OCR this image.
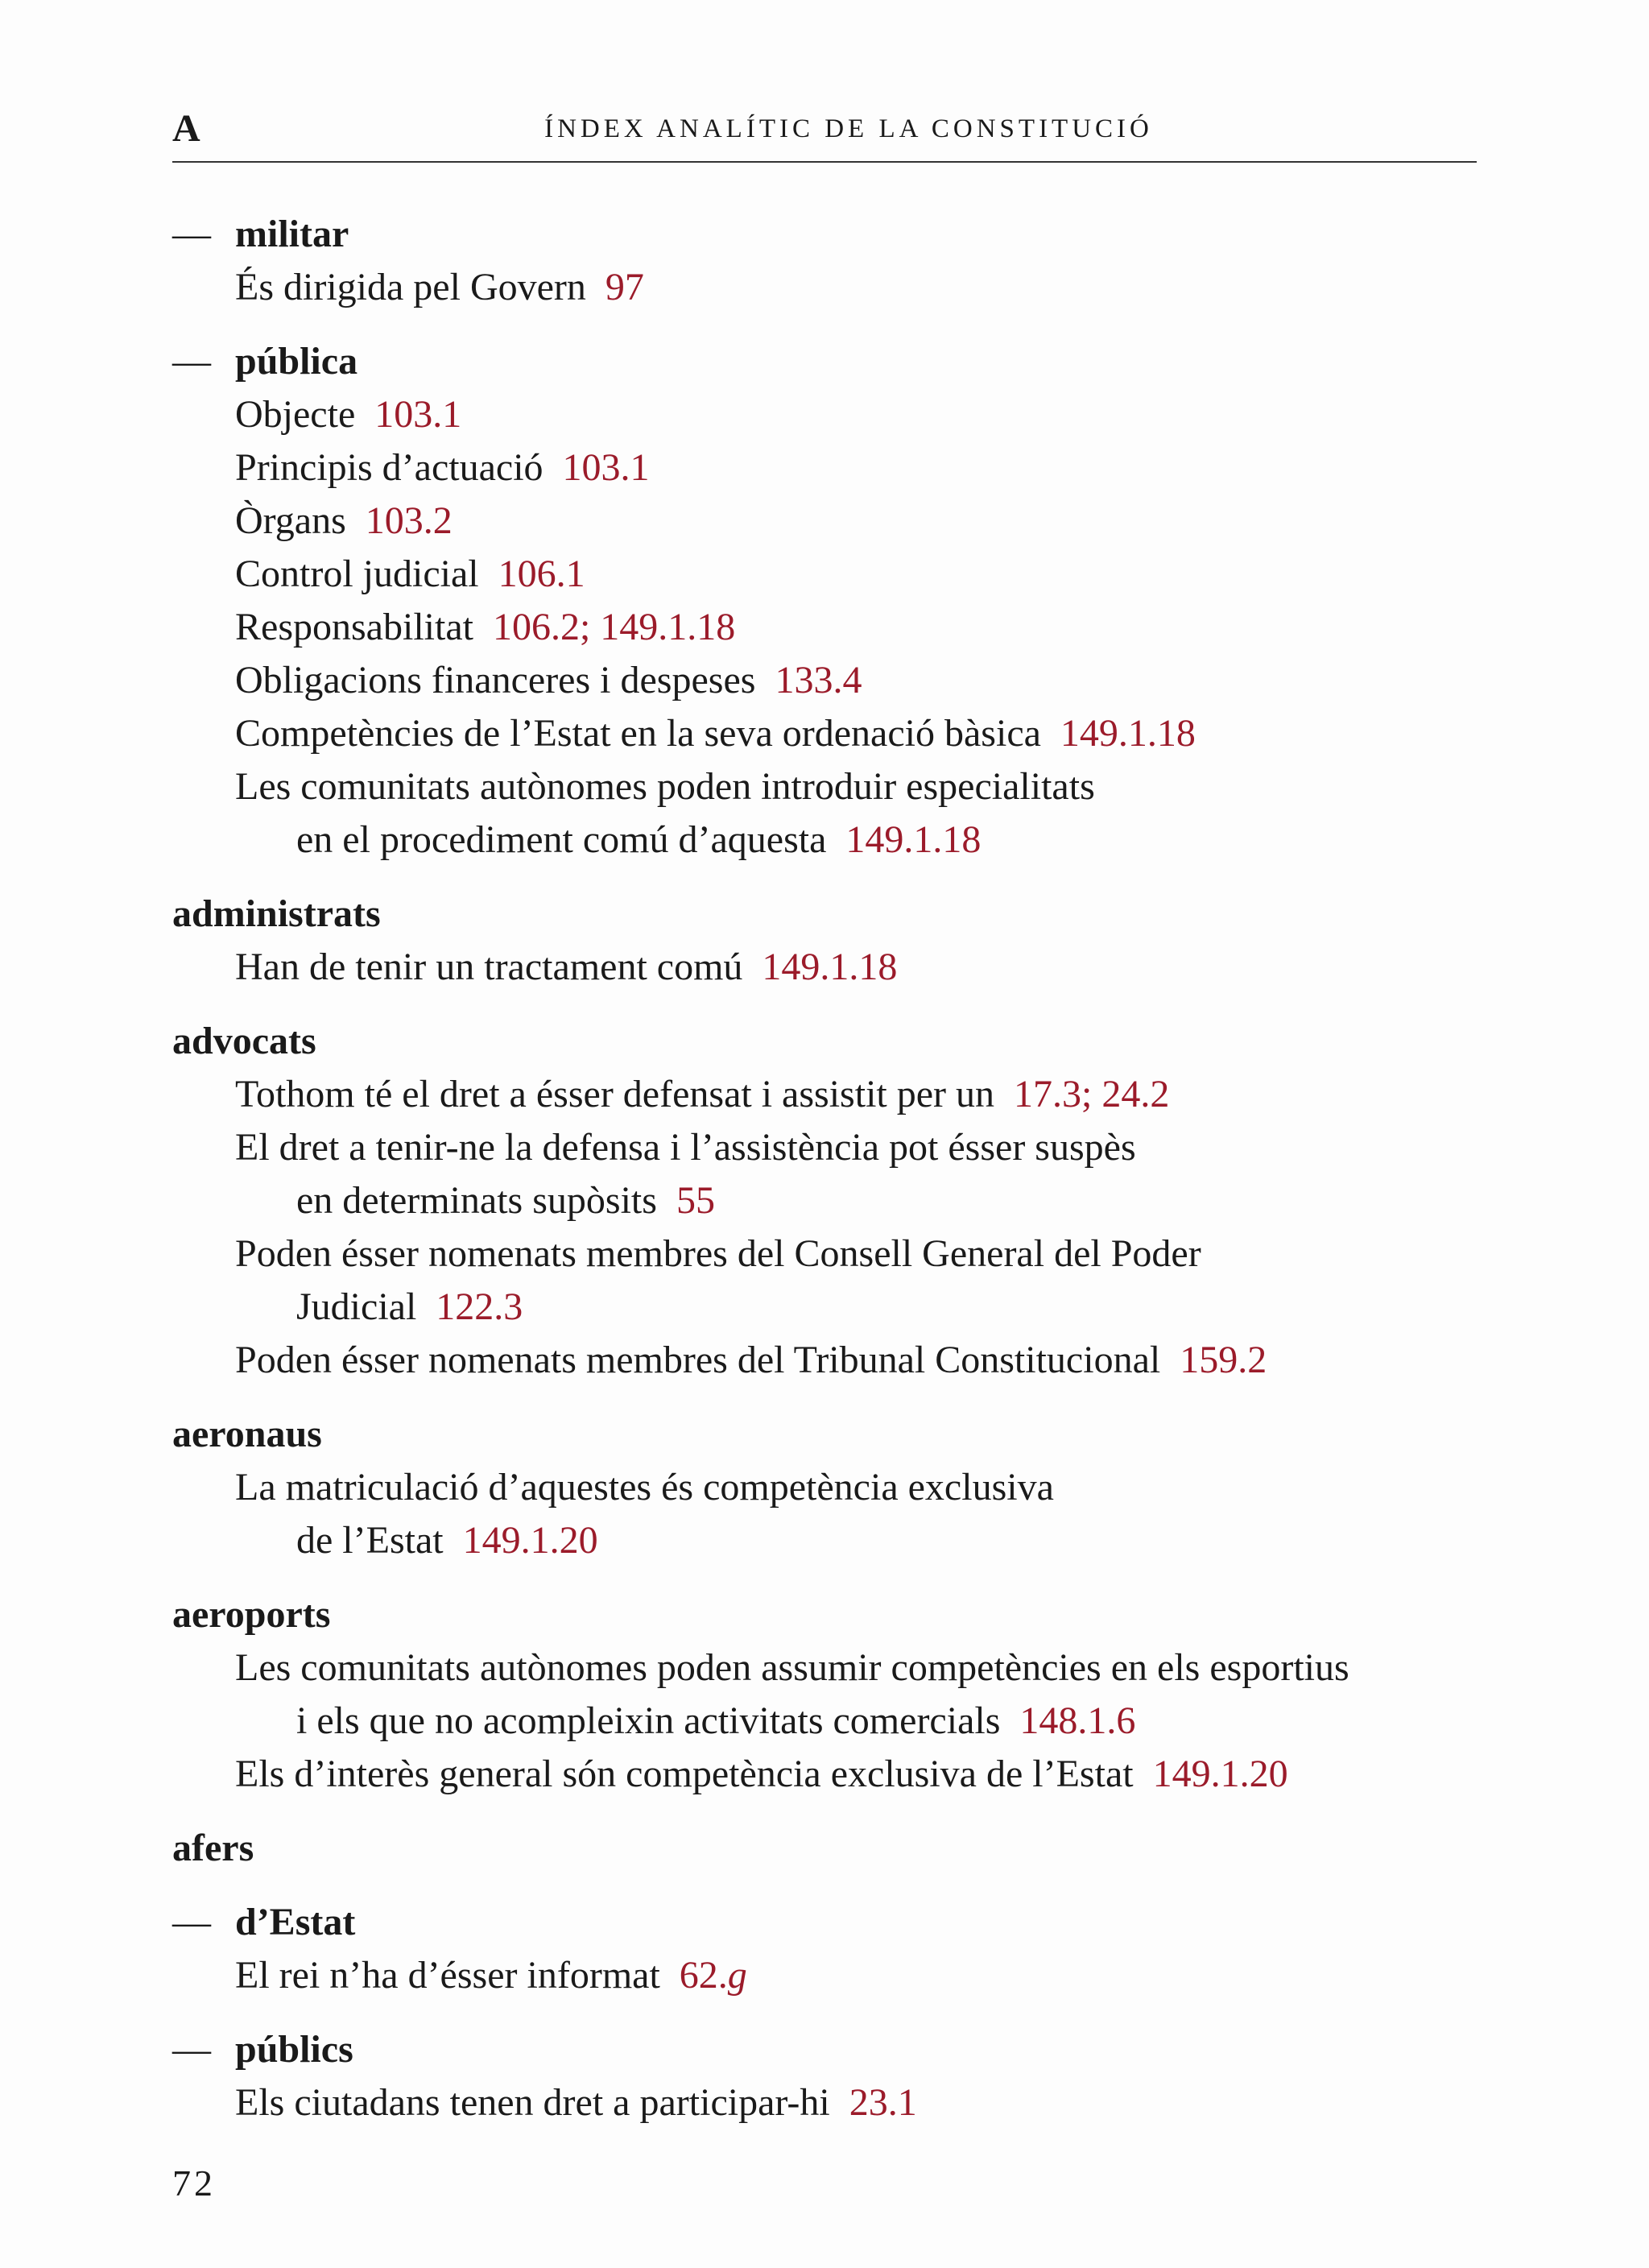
A	ÍNDEX ANALÍTIC DE LA CONSTITUCIÓ
— militar
És dirigida pel Govern 97
— pública
Objecte 103.1
Principis d’actuació 103.1
Òrgans 103.2
Control judicial 106.1
Responsabilitat 106.2; 149.1.18
Obligacions financeres i despeses 133.4
Competències de l’Estat en la seva ordenació bàsica 149.1.18
Les comunitats autònomes poden introduir especialitats
en el procediment comú d’aquesta 149.1.18
administrats
Han de tenir un tractament comú 149.1.18
advocats
Tothom té el dret a ésser defensat i assistit per un 17.3; 24.2
El dret a tenir-ne la defensa i l’assistència pot ésser suspès
en determinats supòsits 55
Poden ésser nomenats membres del Consell General del Poder
Judicial 122.3
Poden ésser nomenats membres del Tribunal Constitucional 159.2
aeronaus
La matriculació d’aquestes és competència exclusiva
de l’Estat 149.1.20
aeroports
Les comunitats autònomes poden assumir competències en els esportius
i els que no acompleixin activitats comercials 148.1.6
Els d’interès general són competència exclusiva de l’Estat 149.1.20
afers
— d’Estat
El rei n’ha d’ésser informat 62.g
— públics
Els ciutadans tenen dret a participar-hi 23.1
72
